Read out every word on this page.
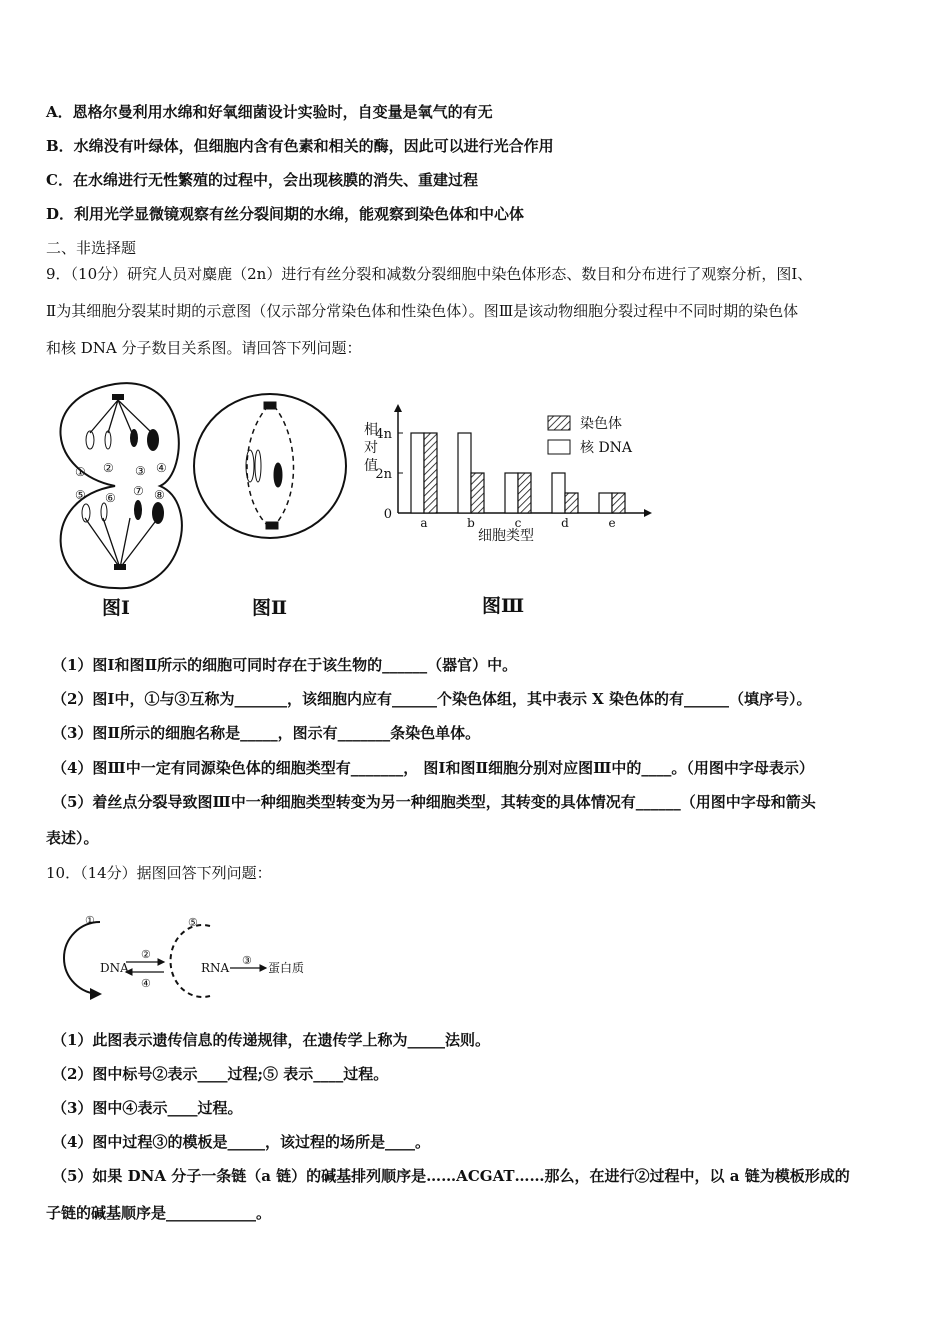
A．恩格尔曼利用水绵和好氧细菌设计实验时，自变量是氧气的有无
B．水绵没有叶绿体，但细胞内含有色素和相关的酶，因此可以进行光合作用
C．在水绵进行无性繁殖的过程中，会出现核膜的消失、重建过程
D．利用光学显微镜观察有丝分裂间期的水绵，能观察到染色体和中心体
二、非选择题
9．（10分）研究人员对麋鹿（2n）进行有丝分裂和减数分裂细胞中染色体形态、数目和分布进行了观察分析，图Ⅰ、
Ⅱ为其细胞分裂某时期的示意图（仅示部分常染色体和性染色体）。图Ⅲ是该动物细胞分裂过程中不同时期的染色体
和核 DNA 分子数目关系图。请回答下列问题：
① ② ③ ④
⑤ ⑥ ⑦ ⑧
图Ⅰ	图Ⅱ
相
对
值
0
2n
4n
a	b	c	d	e
染色体
核 DNA
细胞类型
图Ⅲ
（1）图Ⅰ和图Ⅱ所示的细胞可同时存在于该生物的______（器官）中。
（2）图Ⅰ中，①与③互称为_______，该细胞内应有______个染色体组，其中表示 X 染色体的有______（填序号）。
（3）图Ⅱ所示的细胞名称是_____，图示有_______条染色单体。
（4）图Ⅲ中一定有同源染色体的细胞类型有_______， 图Ⅰ和图Ⅱ细胞分别对应图Ⅲ中的____。（用图中字母表示）
（5）着丝点分裂导致图Ⅲ中一种细胞类型转变为另一种细胞类型，其转变的具体情况有______（用图中字母和箭头
表述）。
10．（14分）据图回答下列问题：
①
DNA
②
④
⑤
RNA
③
蛋白质
（1）此图表示遗传信息的传递规律，在遗传学上称为_____法则。
（2）图中标号②表示____过程;⑤ 表示____过程。
（3）图中④表示____过程。
（4）图中过程③的模板是_____，该过程的场所是____。
（5）如果 DNA 分子一条链（a 链）的碱基排列顺序是……ACGAT……那么，在进行②过程中，以 a 链为模板形成的
子链的碱基顺序是____________。
